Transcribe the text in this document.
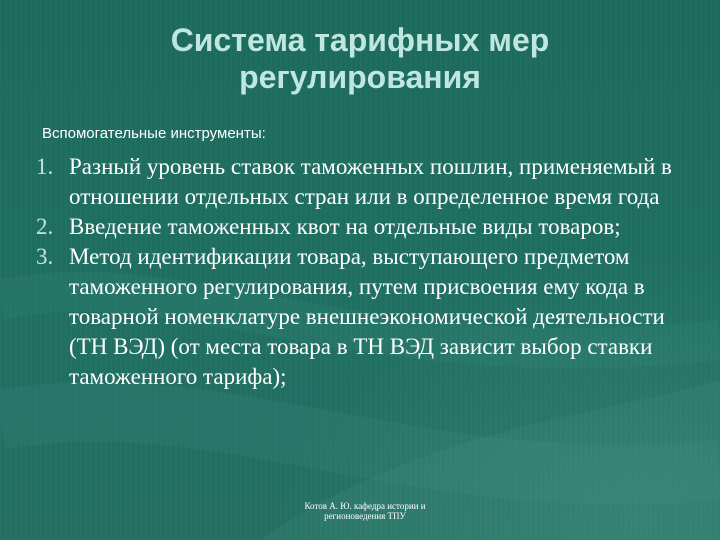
Система тарифных мер регулирования

Вспомогательные инструменты:

1. Разный уровень ставок таможенных пошлин, применяемый в отношении отдельных стран или в определенное время года
2. Введение таможенных квот на отдельные виды товаров;
3. Метод идентификации товара, выступающего предметом таможенного регулирования, путем присвоения ему кода в товарной номенклатуре внешнеэкономической деятельности (ТН ВЭД) (от места товара в ТН ВЭД зависит выбор ставки таможенного тарифа);

Котов А. Ю. кафедра истории и регионоведения ТПУ
